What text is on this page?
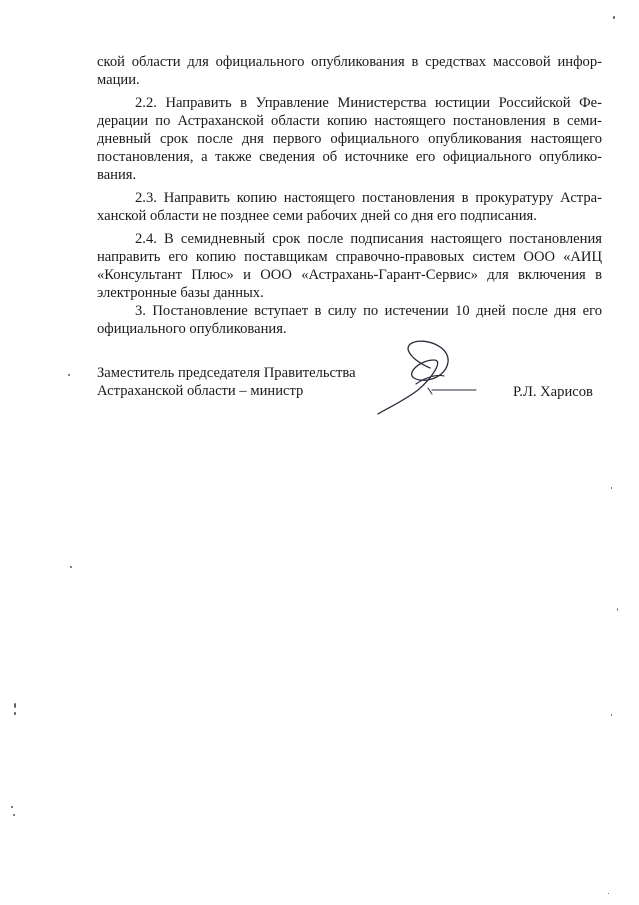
ской области для официального опубликования в средствах массовой инфор-
мации.
2.2. Направить в Управление Министерства юстиции Российской Фе-
дерации по Астраханской области копию настоящего постановления в семи-
дневный срок после дня первого официального опубликования настоящего
постановления, а также сведения об источнике его официального опублико-
вания.
2.3. Направить копию настоящего постановления в прокуратуру Астра-
ханской области не позднее семи рабочих дней со дня его подписания.
2.4. В семидневный срок после подписания настоящего постановления
направить его копию поставщикам справочно-правовых систем ООО «АИЦ
«Консультант Плюс» и ООО «Астрахань-Гарант-Сервис» для включения в
электронные базы данных.
3. Постановление вступает в силу по истечении 10 дней после дня его
официального опубликования.
Заместитель председателя Правительства
Астраханской области – министр	Р.Л. Харисов
